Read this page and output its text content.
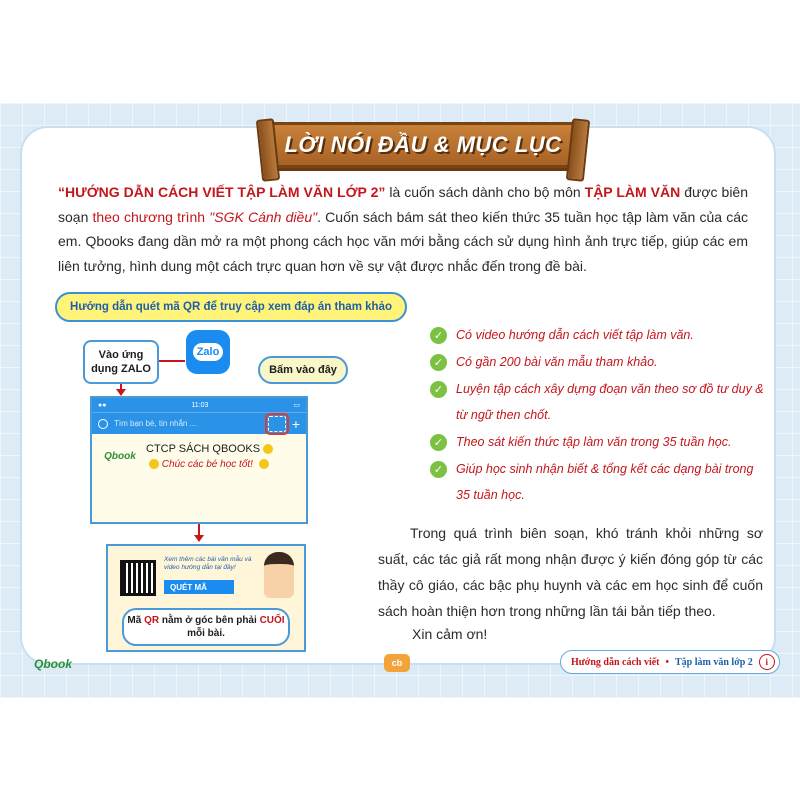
LỜI NÓI ĐẦU & MỤC LỤC

“HƯỚNG DẪN CÁCH VIẾT TẬP LÀM VĂN LỚP 2” là cuốn sách dành cho bộ môn TẬP LÀM VĂN được biên soạn theo chương trình "SGK Cánh diều". Cuốn sách bám sát theo kiến thức 35 tuần học tập làm văn của các em. Qbooks đang dần mở ra một phong cách học văn mới bằng cách sử dụng hình ảnh trực tiếp, giúp các em liên tưởng, hình dung một cách trực quan hơn về sự vật được nhắc đến trong đề bài.

Hướng dẫn quét mã QR để truy cập xem đáp án tham khảo
Vào ứng dụng ZALO
Zalo
Bấm vào đây
●●	11:03	▭
Tìm bạn bè, tin nhắn ...	+
Qbook
CTCP SÁCH QBOOKS
Chúc các bé học tốt!
Xem thêm các bài văn mẫu và video hướng dẫn tại đây!
QUÉT MÃ
Mã QR nằm ở góc bên phải CUỐI mỗi bài.
✓	Có video hướng dẫn cách viết tập làm văn.
✓	Có gần 200 bài văn mẫu tham khảo.
✓	Luyện tập cách xây dựng đoạn văn theo sơ đồ tư duy & từ ngữ then chốt.
✓	Theo sát kiến thức tập làm văn trong 35 tuần học.
✓	Giúp học sinh nhận biết & tổng kết các dạng bài trong 35 tuần học.

Trong quá trình biên soạn, khó tránh khỏi những sơ suất, các tác giả rất mong nhận được ý kiến đóng góp từ các thầy cô giáo, các bậc phụ huynh và các em học sinh để cuốn sách hoàn thiện hơn trong những lần tái bản tiếp theo.

Xin cảm ơn!
Qbook	cb	Hướng dẫn cách viết • Tập làm văn lớp 2	i
